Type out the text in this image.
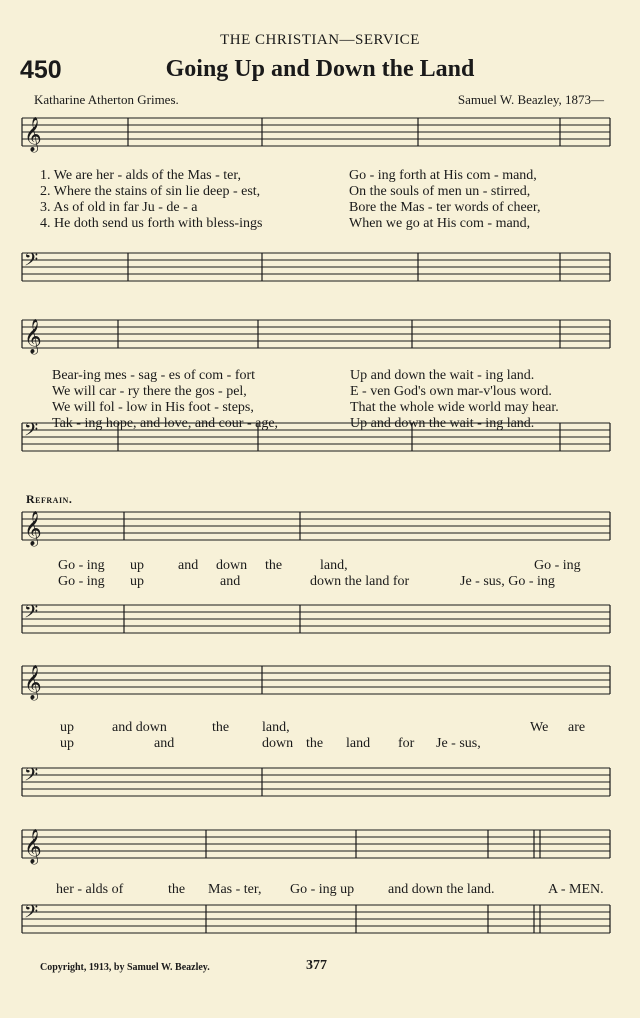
THE CHRISTIAN—SERVICE
450	Going Up and Down the Land
Katharine Atherton Grimes.	Samuel W. Beazley, 1873—
𝄞
𝄢
1. We are her - alds of the Mas - ter,	Go - ing forth at His com - mand,
2. Where the stains of sin lie deep - est,	On the souls of men un - stirred,
3. As of old in far Ju - de - a	Bore the Mas - ter words of cheer,
4. He doth send us forth with bless-ings	When we go at His com - mand,
𝄞
𝄢
Bear-ing mes - sag - es of com - fort	Up and down the wait - ing land.
We will car - ry there the gos - pel,	E - ven God's own mar-v'lous word.
We will fol - low in His foot - steps,	That the whole wide world may hear.
Tak - ing hope, and love, and cour - age,	Up and down the wait - ing land.
𝄞
𝄢
Go - ing up and down the	land,	Go - ing
Go - ing up	and	down the land for	Je - sus, Go - ing
𝄞
𝄢
up	and down	the land,	We are
up	and	down the land for Je - sus,
𝄞
𝄢
her - alds of	the Mas - ter, Go - ing up and down the land.	A - MEN.
Refrain.
Copyright, 1913, by Samuel W. Beazley.	377
